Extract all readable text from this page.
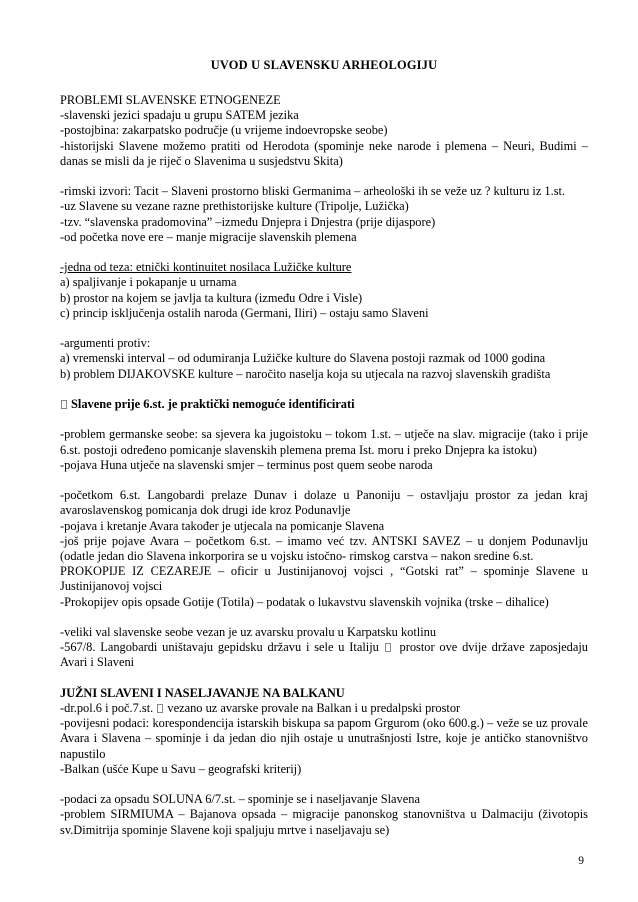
UVOD U SLAVENSKU ARHEOLOGIJU

PROBLEMI SLAVENSKE ETNOGENEZE

-slavenski jezici spadaju u grupu SATEM jezika

-postojbina: zakarpatsko područje (u vrijeme indoevropske seobe)

-historijski Slavene možemo pratiti od Herodota (spominje neke narode i plemena – Neuri, Budimi – danas se misli da je riječ o Slavenima u susjedstvu Skita)

-rimski izvori: Tacit – Slaveni prostorno bliski Germanima – arheološki ih se veže uz ? kulturu iz 1.st.

-uz Slavene su vezane razne prethistorijske kulture (Tripolje, Lužička)

-tzv. “slavenska pradomovina” –između Dnjepra i Dnjestra (prije dijaspore)

-od početka nove ere – manje migracije slavenskih plemena

-jedna od teza: etnički kontinuitet nosilaca Lužičke kulture

a) spaljivanje i pokapanje u urnama

b) prostor na kojem se javlja ta kultura (između Odre i Visle)

c) princip isključenja ostalih naroda (Germani, Iliri) – ostaju samo Slaveni

-argumenti protiv:

a) vremenski interval – od odumiranja Lužičke kulture do Slavena postoji razmak od 1000 godina

b) problem DIJAKOVSKE kulture – naročito naselja koja su utjecala na razvoj slavenskih gradišta

Slavene prije 6.st. je praktički nemoguće identificirati

-problem germanske seobe: sa sjevera ka jugoistoku – tokom 1.st. – utječe na slav. migracije (tako i prije 6.st. postoji određeno pomicanje slavenskih plemena prema Ist. moru i preko Dnjepra ka istoku)

-pojava Huna utječe na slavenski smjer – terminus post quem seobe naroda

-početkom 6.st. Langobardi prelaze Dunav i dolaze u Panoniju – ostavljaju prostor za jedan kraj avaroslavenskog pomicanja dok drugi ide kroz Podunavlje

-pojava i kretanje Avara također je utjecala na pomicanje Slavena

-još prije pojave Avara – početkom 6.st. – imamo već tzv. ANTSKI SAVEZ – u donjem Podunavlju (odatle jedan dio Slavena inkorporira se u vojsku istočno- rimskog carstva – nakon sredine 6.st.

PROKOPIJE IZ CEZAREJE – oficir u Justinijanovoj vojsci , “Gotski rat” – spominje Slavene u Justinijanovoj vojsci

-Prokopijev opis opsade Gotije (Totila) – podatak o lukavstvu slavenskih vojnika (trske – dihalice)

-veliki val slavenske seobe vezan je uz avarsku provalu u Karpatsku kotlinu

-567/8. Langobardi uništavaju gepidsku državu i sele u Italiju prostor ove dvije države zaposjedaju Avari i Slaveni

JUŽNI SLAVENI I NASELJAVANJE NA BALKANU

-dr.pol.6 i poč.7.st. vezano uz avarske provale na Balkan i u predalpski prostor

-povijesni podaci: korespondencija istarskih biskupa sa papom Grgurom (oko 600.g.) – veže se uz provale Avara i Slavena – spominje i da jedan dio njih ostaje u unutrašnjosti Istre, koje je antičko stanovništvo napustilo

-Balkan (ušće Kupe u Savu – geografski kriterij)

-podaci za opsadu SOLUNA 6/7.st. – spominje se i naseljavanje Slavena

-problem SIRMIUMA – Bajanova opsada – migracije panonskog stanovništva u Dalmaciju (životopis sv.Dimitrija spominje Slavene koji spaljuju mrtve i naseljavaju se)

9
